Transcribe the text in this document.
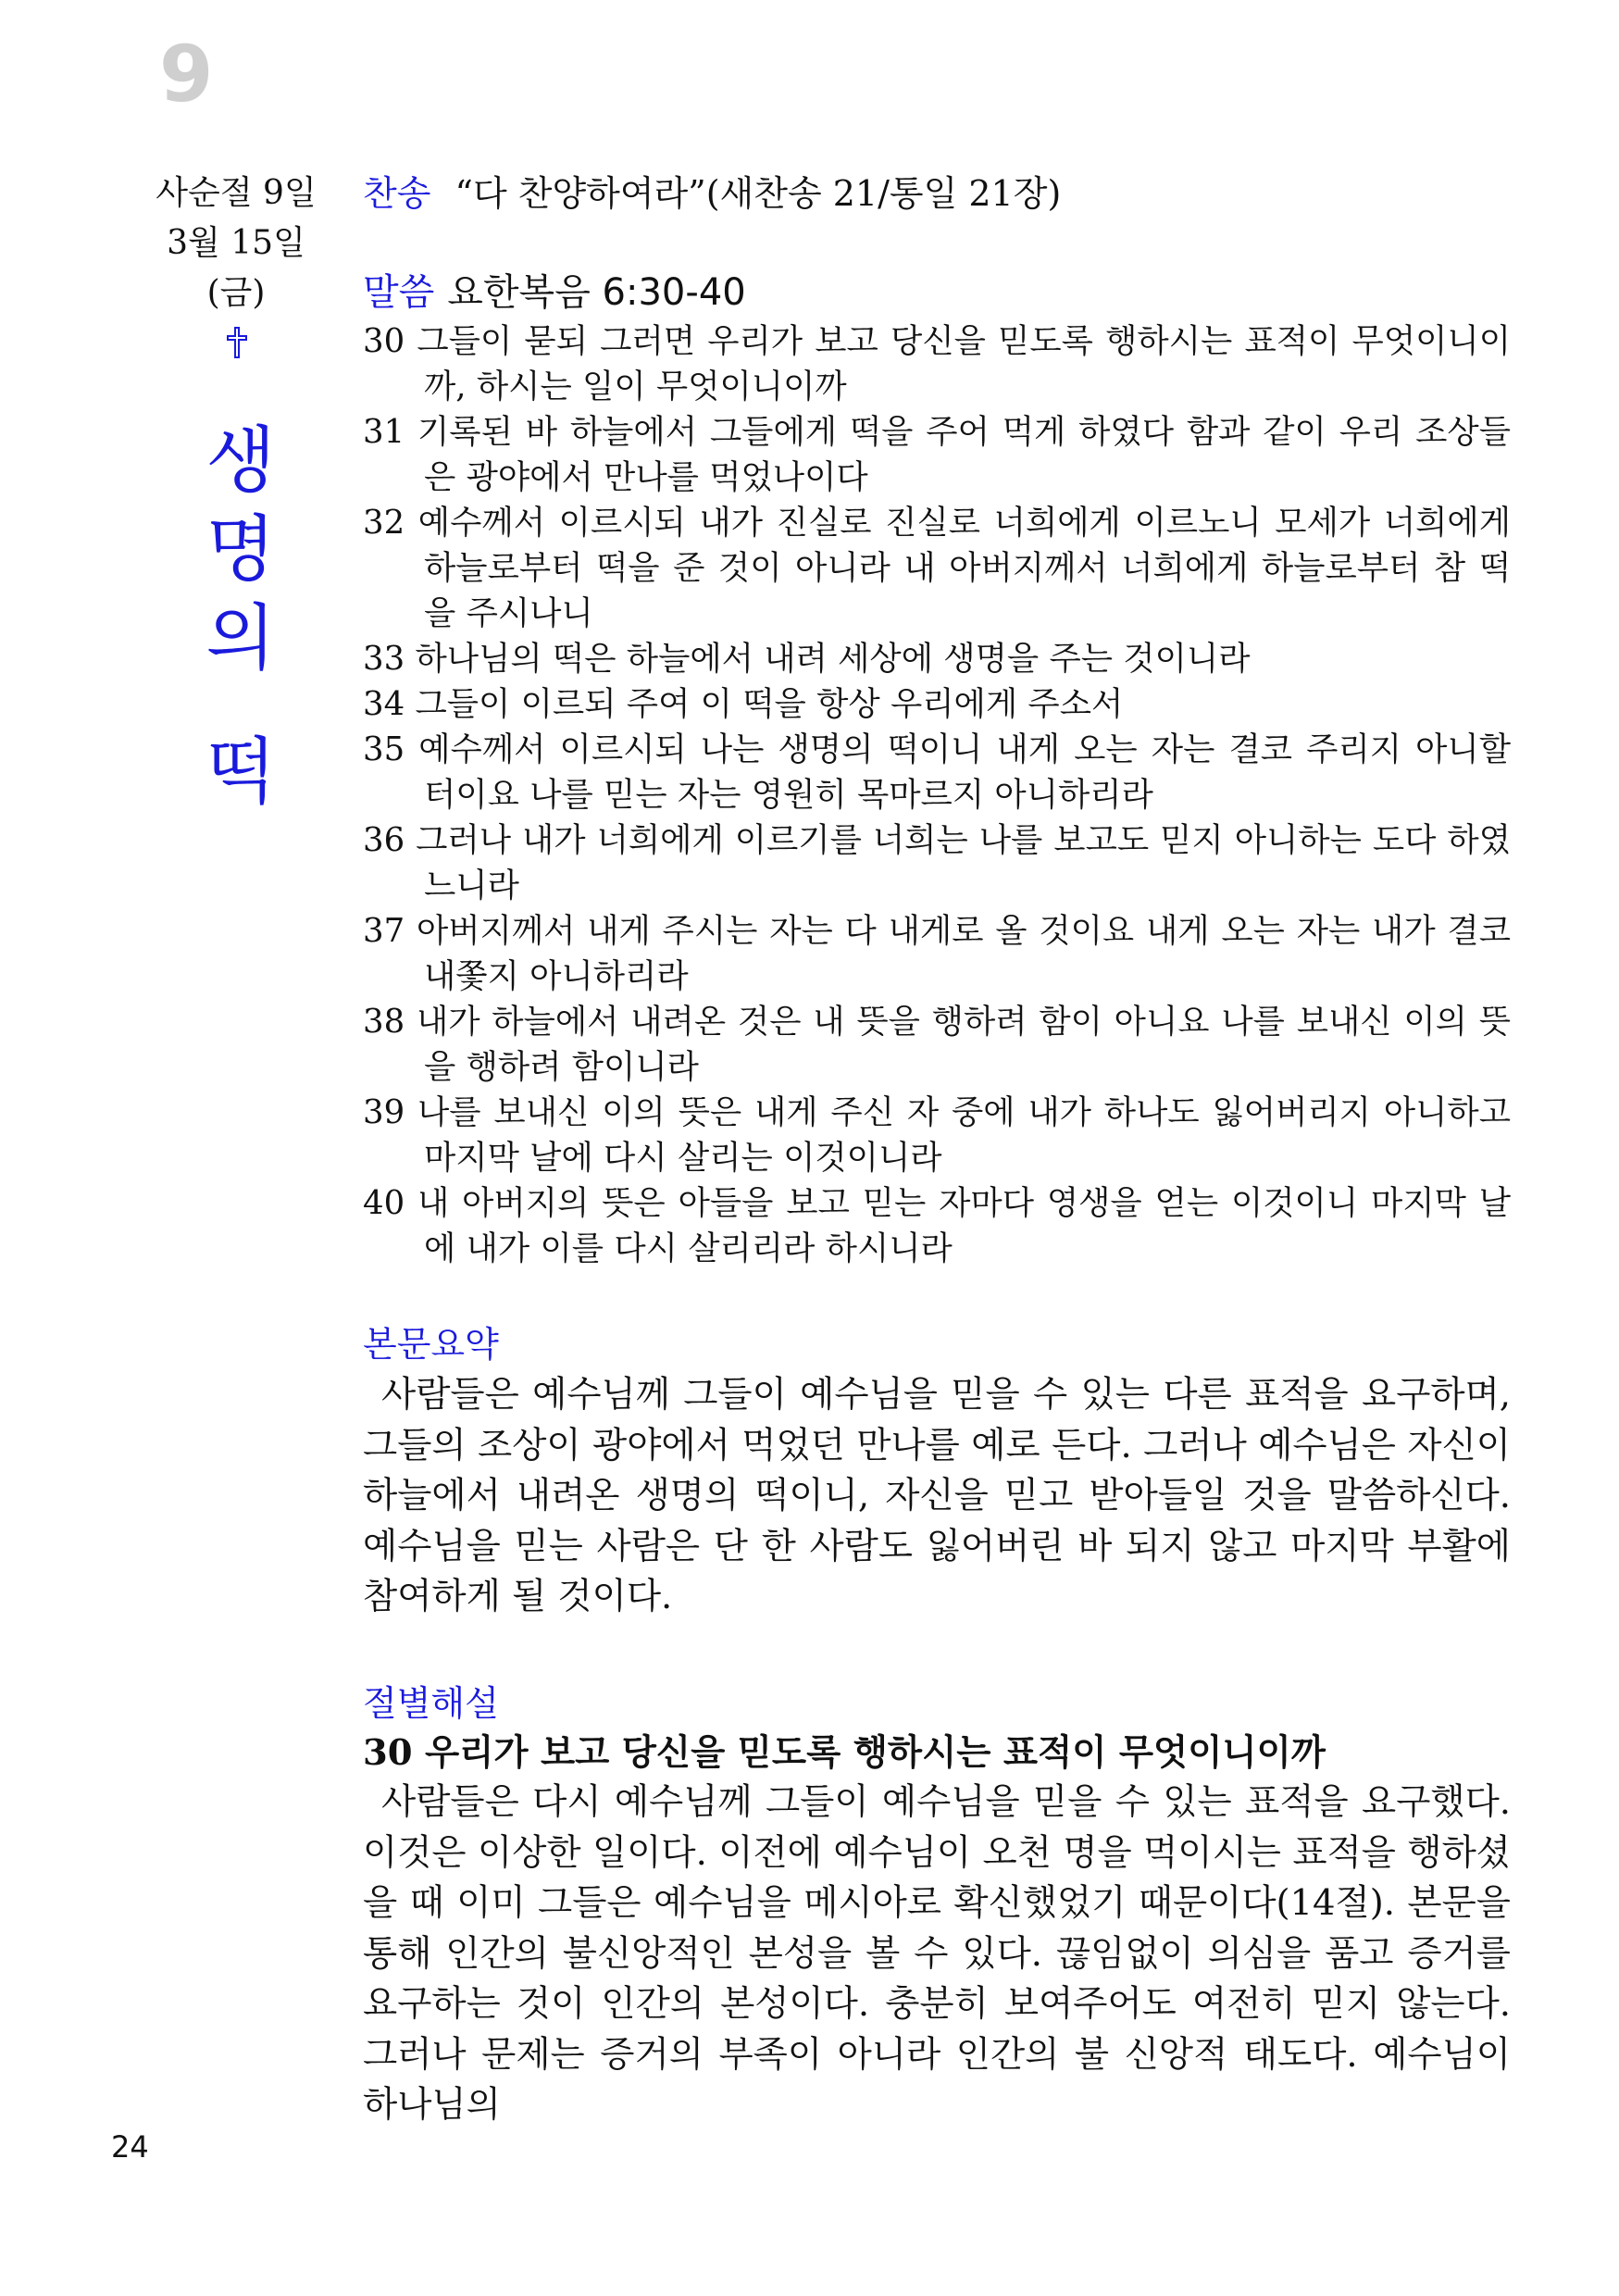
9
사순절 9일
3월 15일(금)
생
명
의
떡
찬송 “다 찬양하여라”(새찬송 21/통일 21장)
말씀 요한복음 6:30-40
30 그들이 묻되 그러면 우리가 보고 당신을 믿도록 행하시는 표적이 무엇이니이까, 하시는 일이 무엇이니이까
31 기록된 바 하늘에서 그들에게 떡을 주어 먹게 하였다 함과 같이 우리 조상들은 광야에서 만나를 먹었나이다
32 예수께서 이르시되 내가 진실로 진실로 너희에게 이르노니 모세가 너희에게 하늘로부터 떡을 준 것이 아니라 내 아버지께서 너희에게 하늘로부터 참 떡을 주시나니
33 하나님의 떡은 하늘에서 내려 세상에 생명을 주는 것이니라
34 그들이 이르되 주여 이 떡을 항상 우리에게 주소서
35 예수께서 이르시되 나는 생명의 떡이니 내게 오는 자는 결코 주리지 아니할 터이요 나를 믿는 자는 영원히 목마르지 아니하리라
36 그러나 내가 너희에게 이르기를 너희는 나를 보고도 믿지 아니하는 도다 하였느니라
37 아버지께서 내게 주시는 자는 다 내게로 올 것이요 내게 오는 자는 내가 결코 내쫓지 아니하리라
38 내가 하늘에서 내려온 것은 내 뜻을 행하려 함이 아니요 나를 보내신 이의 뜻을 행하려 함이니라
39 나를 보내신 이의 뜻은 내게 주신 자 중에 내가 하나도 잃어버리지 아니하고 마지막 날에 다시 살리는 이것이니라
40 내 아버지의 뜻은 아들을 보고 믿는 자마다 영생을 얻는 이것이니 마지막 날에 내가 이를 다시 살리리라 하시니라
본문요약

사람들은 예수님께 그들이 예수님을 믿을 수 있는 다른 표적을 요구하며, 그들의 조상이 광야에서 먹었던 만나를 예로 든다. 그러나 예수님은 자신이 하늘에서 내려온 생명의 떡이니, 자신을 믿고 받아들일 것을 말씀하신다. 예수님을 믿는 사람은 단 한 사람도 잃어버린 바 되지 않고 마지막 부활에 참여하게 될 것이다.

절별해설

30 우리가 보고 당신을 믿도록 행하시는 표적이 무엇이니이까

사람들은 다시 예수님께 그들이 예수님을 믿을 수 있는 표적을 요구했다. 이것은 이상한 일이다. 이전에 예수님이 오천 명을 먹이시는 표적을 행하셨을 때 이미 그들은 예수님을 메시아로 확신했었기 때문이다(14절). 본문을 통해 인간의 불신앙적인 본성을 볼 수 있다. 끊임없이 의심을 품고 증거를 요구하는 것이 인간의 본성이다. 충분히 보여주어도 여전히 믿지 않는다. 그러나 문제는 증거의 부족이 아니라 인간의 불 신앙적 태도다. 예수님이 하나님의

24
